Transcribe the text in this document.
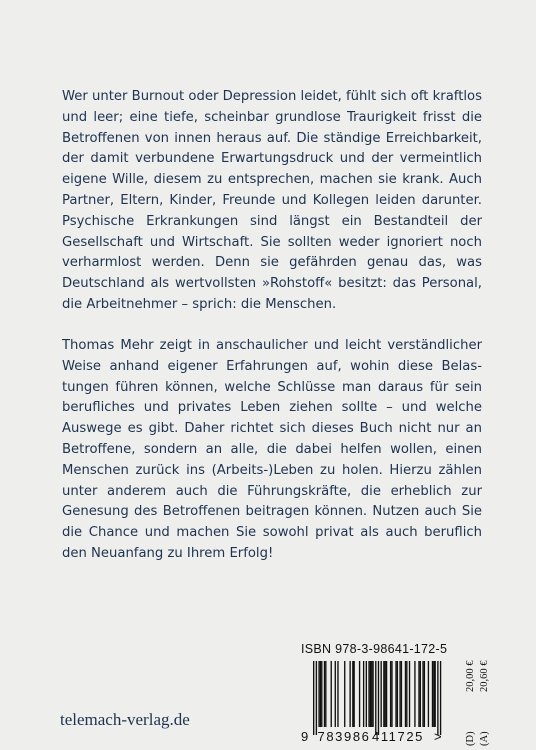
Wer unter Burnout oder Depression leidet, fühlt sich oft kraftlos und leer; eine tiefe, scheinbar grundlose Traurigkeit frisst die Betroffenen von innen heraus auf. Die ständige Erreichbarkeit, der damit verbundene Erwartungsdruck und der vermeintlich eigene Wille, diesem zu entsprechen, machen sie krank. Auch Partner, Eltern, Kinder, Freunde und Kollegen leiden darunter. Psychische Erkrankungen sind längst ein Bestandteil der Gesellschaft und Wirtschaft. Sie sollten weder ignoriert noch verharmlost werden. Denn sie gefährden genau das, was Deutschland als wertvollsten »Rohstoff« besitzt: das Personal, die Arbeitnehmer – sprich: die Menschen.

Thomas Mehr zeigt in anschaulicher und leicht verständlicher Weise anhand eigener Erfahrungen auf, wohin diese Belastungen führen können, welche Schlüsse man daraus für sein berufliches und privates Leben ziehen sollte – und welche Auswege es gibt. Daher richtet sich dieses Buch nicht nur an Betroffene, sondern an alle, die dabei helfen wollen, einen Menschen zurück ins (Arbeits-)Leben zu holen. Hierzu zählen unter anderem auch die Führungskräfte, die erheblich zur Genesung des Betroffenen beitragen können. Nutzen auch Sie die Chance und machen Sie sowohl privat als auch beruflich den Neuanfang zu Ihrem Erfolg!

ISBN 978-3-98641-172-5
9 783986 411725 >
20,00 € 20,60 €
(D) (A)
telemach-verlag.de
